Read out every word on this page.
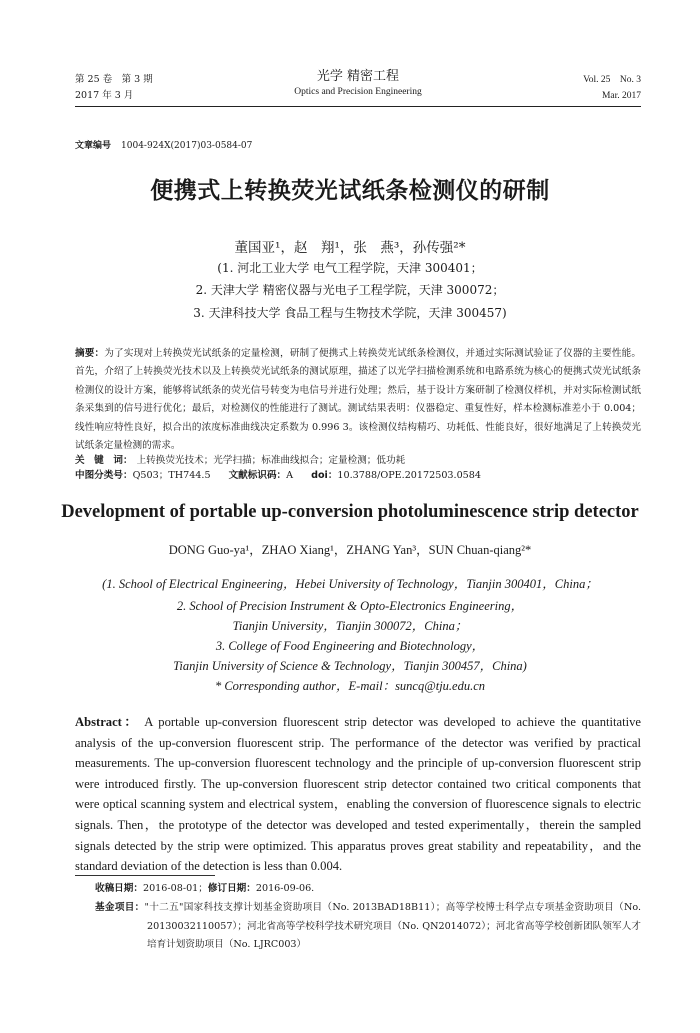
第 25 卷　第 3 期
2017 年 3 月
光学 精密工程
Optics and Precision Engineering
Vol. 25　No. 3
Mar. 2017
文章编号 1004-924X(2017)03-0584-07
便携式上转换荧光试纸条检测仪的研制
董国亚¹，赵　翔¹，张　燕³，孙传强²*
(1. 河北工业大学 电气工程学院，天津 300401；
2. 天津大学 精密仪器与光电子工程学院，天津 300072；
3. 天津科技大学 食品工程与生物技术学院，天津 300457)
摘要：为了实现对上转换荧光试纸条的定量检测，研制了便携式上转换荧光试纸条检测仪，并通过实际测试验证了仪器的主要性能。首先，介绍了上转换荧光技术以及上转换荧光试纸条的测试原理，描述了以光学扫描检测系统和电路系统为核心的便携式荧光试纸条检测仪的设计方案，能够将试纸条的荧光信号转变为电信号并进行处理；然后，基于设计方案研制了检测仪样机，并对实际检测试纸条采集到的信号进行优化；最后，对检测仪的性能进行了测试。测试结果表明：仪器稳定、重复性好，样本检测标准差小于 0.004；线性响应特性良好，拟合出的浓度标准曲线决定系数为 0.996 3。该检测仪结构精巧、功耗低、性能良好，很好地满足了上转换荧光试纸条定量检测的需求。
关　键　词： 上转换荧光技术；光学扫描；标准曲线拟合；定量检测；低功耗
中图分类号：Q503；TH744.5 文献标识码：A doi：10.3788/OPE.20172503.0584
Development of portable up-conversion photoluminescence strip detector
DONG Guo-ya¹，ZHAO Xiang¹，ZHANG Yan³，SUN Chuan-qiang²*
(1. School of Electrical Engineering，Hebei University of Technology，Tianjin 300401，China；
2. School of Precision Instrument & Opto-Electronics Engineering，
Tianjin University，Tianjin 300072，China；
3. College of Food Engineering and Biotechnology，
Tianjin University of Science & Technology，Tianjin 300457，China)
* Corresponding author，E-mail：suncq@tju.edu.cn
Abstract： A portable up-conversion fluorescent strip detector was developed to achieve the quantitative analysis of the up-conversion fluorescent strip. The performance of the detector was verified by practical measurements. The up-conversion fluorescent technology and the principle of up-conversion fluorescent strip were introduced firstly. The up-conversion fluorescent strip detector contained two critical components that were optical scanning system and electrical system，enabling the conversion of fluorescence signals to electric signals. Then，the prototype of the detector was developed and tested experimentally，therein the sampled signals detected by the strip were optimized. This apparatus proves great stability and repeatability，and the standard deviation of the detection is less than 0.004.
收稿日期：2016-08-01；修订日期：2016-09-06.
基金项目："十二五"国家科技支撑计划基金资助项目（No. 2013BAD18B11）；高等学校博士科学点专项基金资助项目（No. 20130032110057）；河北省高等学校科学技术研究项目（No. QN2014072）；河北省高等学校创新团队领军人才培育计划资助项目（No. LJRC003）
